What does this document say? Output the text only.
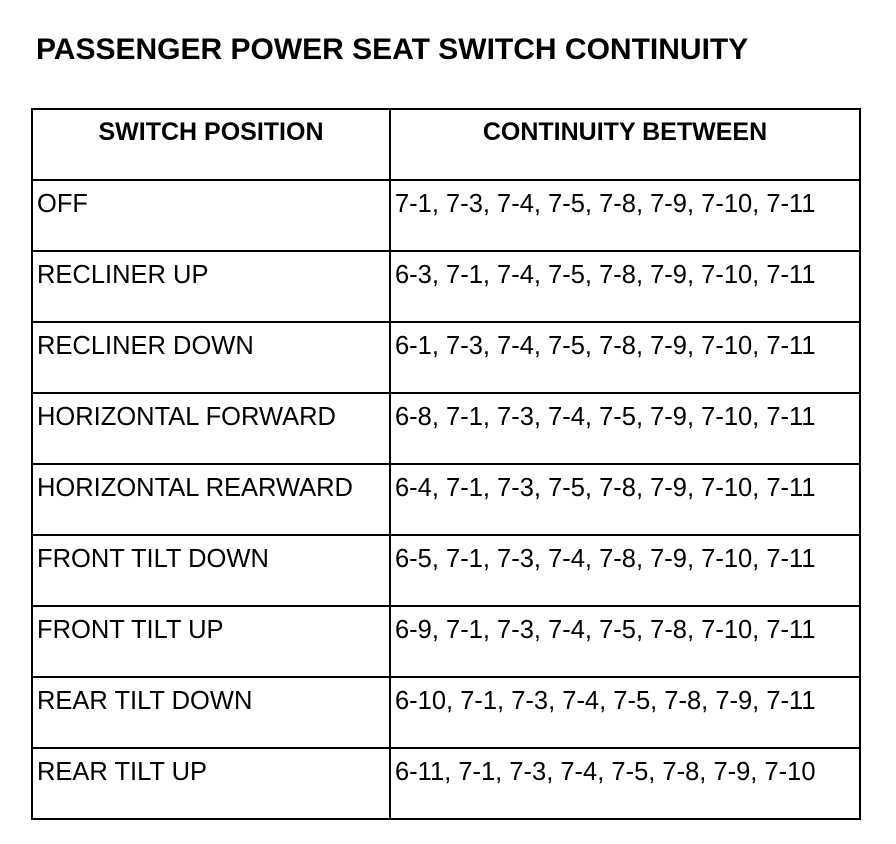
PASSENGER POWER SEAT SWITCH CONTINUITY
SWITCH POSITION	CONTINUITY BETWEEN
OFF	7-1, 7-3, 7-4, 7-5, 7-8, 7-9, 7-10, 7-11
RECLINER UP	6-3, 7-1, 7-4, 7-5, 7-8, 7-9, 7-10, 7-11
RECLINER DOWN	6-1, 7-3, 7-4, 7-5, 7-8, 7-9, 7-10, 7-11
HORIZONTAL FORWARD	6-8, 7-1, 7-3, 7-4, 7-5, 7-9, 7-10, 7-11
HORIZONTAL REARWARD	6-4, 7-1, 7-3, 7-5, 7-8, 7-9, 7-10, 7-11
FRONT TILT DOWN	6-5, 7-1, 7-3, 7-4, 7-8, 7-9, 7-10, 7-11
FRONT TILT UP	6-9, 7-1, 7-3, 7-4, 7-5, 7-8, 7-10, 7-11
REAR TILT DOWN	6-10, 7-1, 7-3, 7-4, 7-5, 7-8, 7-9, 7-11
REAR TILT UP	6-11, 7-1, 7-3, 7-4, 7-5, 7-8, 7-9, 7-10
